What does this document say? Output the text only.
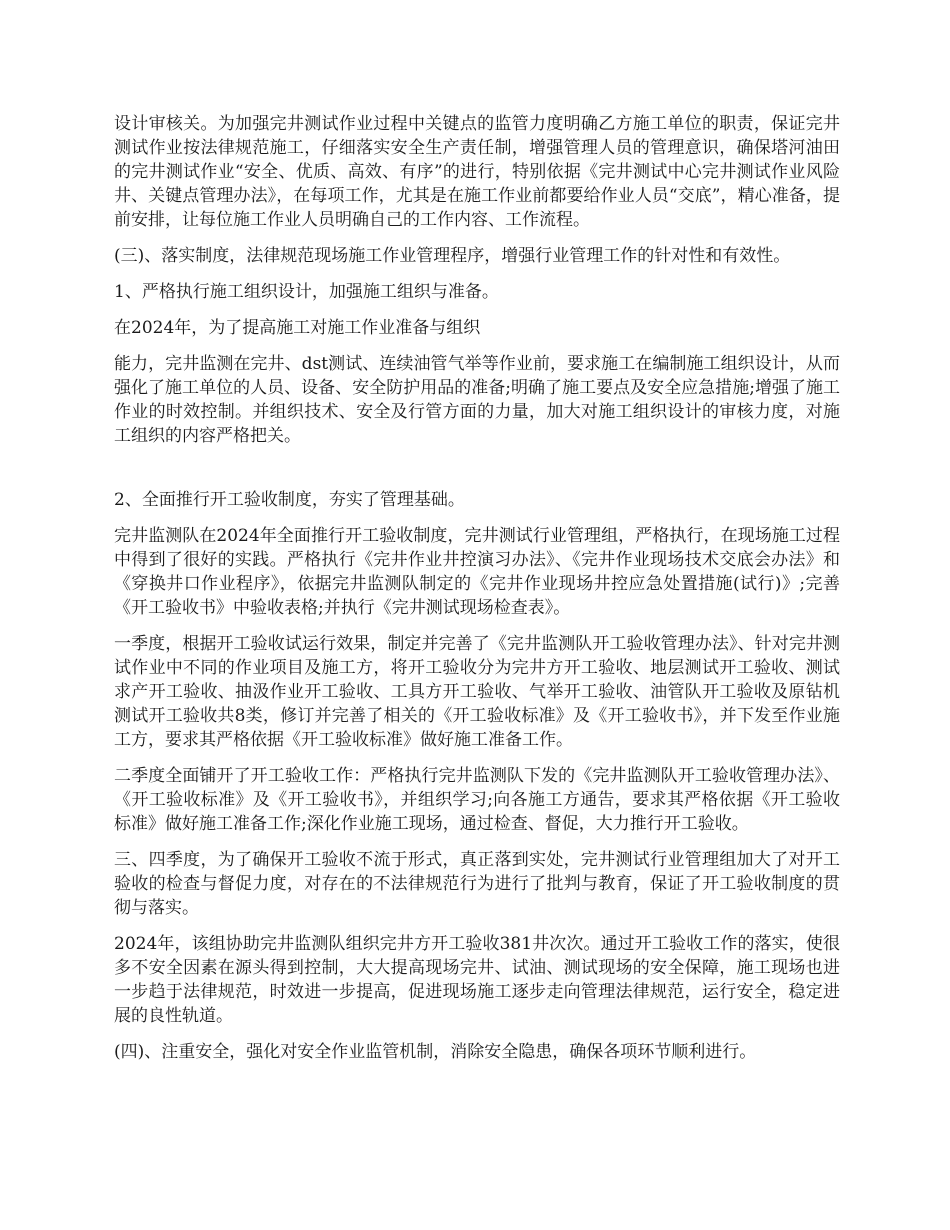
设计审核关。为加强完井测试作业过程中关键点的监管力度明确乙方施工单位的职责，保证完井测试作业按法律规范施工，仔细落实安全生产责任制，增强管理人员的管理意识，确保塔河油田的完井测试作业“安全、优质、高效、有序”的进行，特别依据《完井测试中心完井测试作业风险井、关键点管理办法》，在每项工作，尤其是在施工作业前都要给作业人员“交底”，精心准备，提前安排，让每位施工作业人员明确自己的工作内容、工作流程。

(三)、落实制度，法律规范现场施工作业管理程序，增强行业管理工作的针对性和有效性。

1、严格执行施工组织设计，加强施工组织与准备。

在2024年，为了提高施工对施工作业准备与组织

能力，完井监测在完井、dst测试、连续油管气举等作业前，要求施工在编制施工组织设计，从而强化了施工单位的人员、设备、安全防护用品的准备;明确了施工要点及安全应急措施;增强了施工作业的时效控制。并组织技术、安全及行管方面的力量，加大对施工组织设计的审核力度，对施工组织的内容严格把关。

2、全面推行开工验收制度，夯实了管理基础。

完井监测队在2024年全面推行开工验收制度，完井测试行业管理组，严格执行，在现场施工过程中得到了很好的实践。严格执行《完井作业井控演习办法》、《完井作业现场技术交底会办法》和《穿换井口作业程序》，依据完井监测队制定的《完井作业现场井控应急处置措施(试行)》;完善《开工验收书》中验收表格;并执行《完井测试现场检查表》。

一季度，根据开工验收试运行效果，制定并完善了《完井监测队开工验收管理办法》、针对完井测试作业中不同的作业项目及施工方，将开工验收分为完井方开工验收、地层测试开工验收、测试求产开工验收、抽汲作业开工验收、工具方开工验收、气举开工验收、油管队开工验收及原钻机测试开工验收共8类，修订并完善了相关的《开工验收标准》及《开工验收书》，并下发至作业施工方，要求其严格依据《开工验收标准》做好施工准备工作。

二季度全面铺开了开工验收工作：严格执行完井监测队下发的《完井监测队开工验收管理办法》、《开工验收标准》及《开工验收书》，并组织学习;向各施工方通告，要求其严格依据《开工验收标准》做好施工准备工作;深化作业施工现场，通过检查、督促，大力推行开工验收。

三、四季度，为了确保开工验收不流于形式，真正落到实处，完井测试行业管理组加大了对开工验收的检查与督促力度，对存在的不法律规范行为进行了批判与教育，保证了开工验收制度的贯彻与落实。

2024年，该组协助完井监测队组织完井方开工验收381井次次。通过开工验收工作的落实，使很多不安全因素在源头得到控制，大大提高现场完井、试油、测试现场的安全保障，施工现场也进一步趋于法律规范，时效进一步提高，促进现场施工逐步走向管理法律规范，运行安全，稳定进展的良性轨道。

(四)、注重安全，强化对安全作业监管机制，消除安全隐患，确保各项环节顺利进行。
